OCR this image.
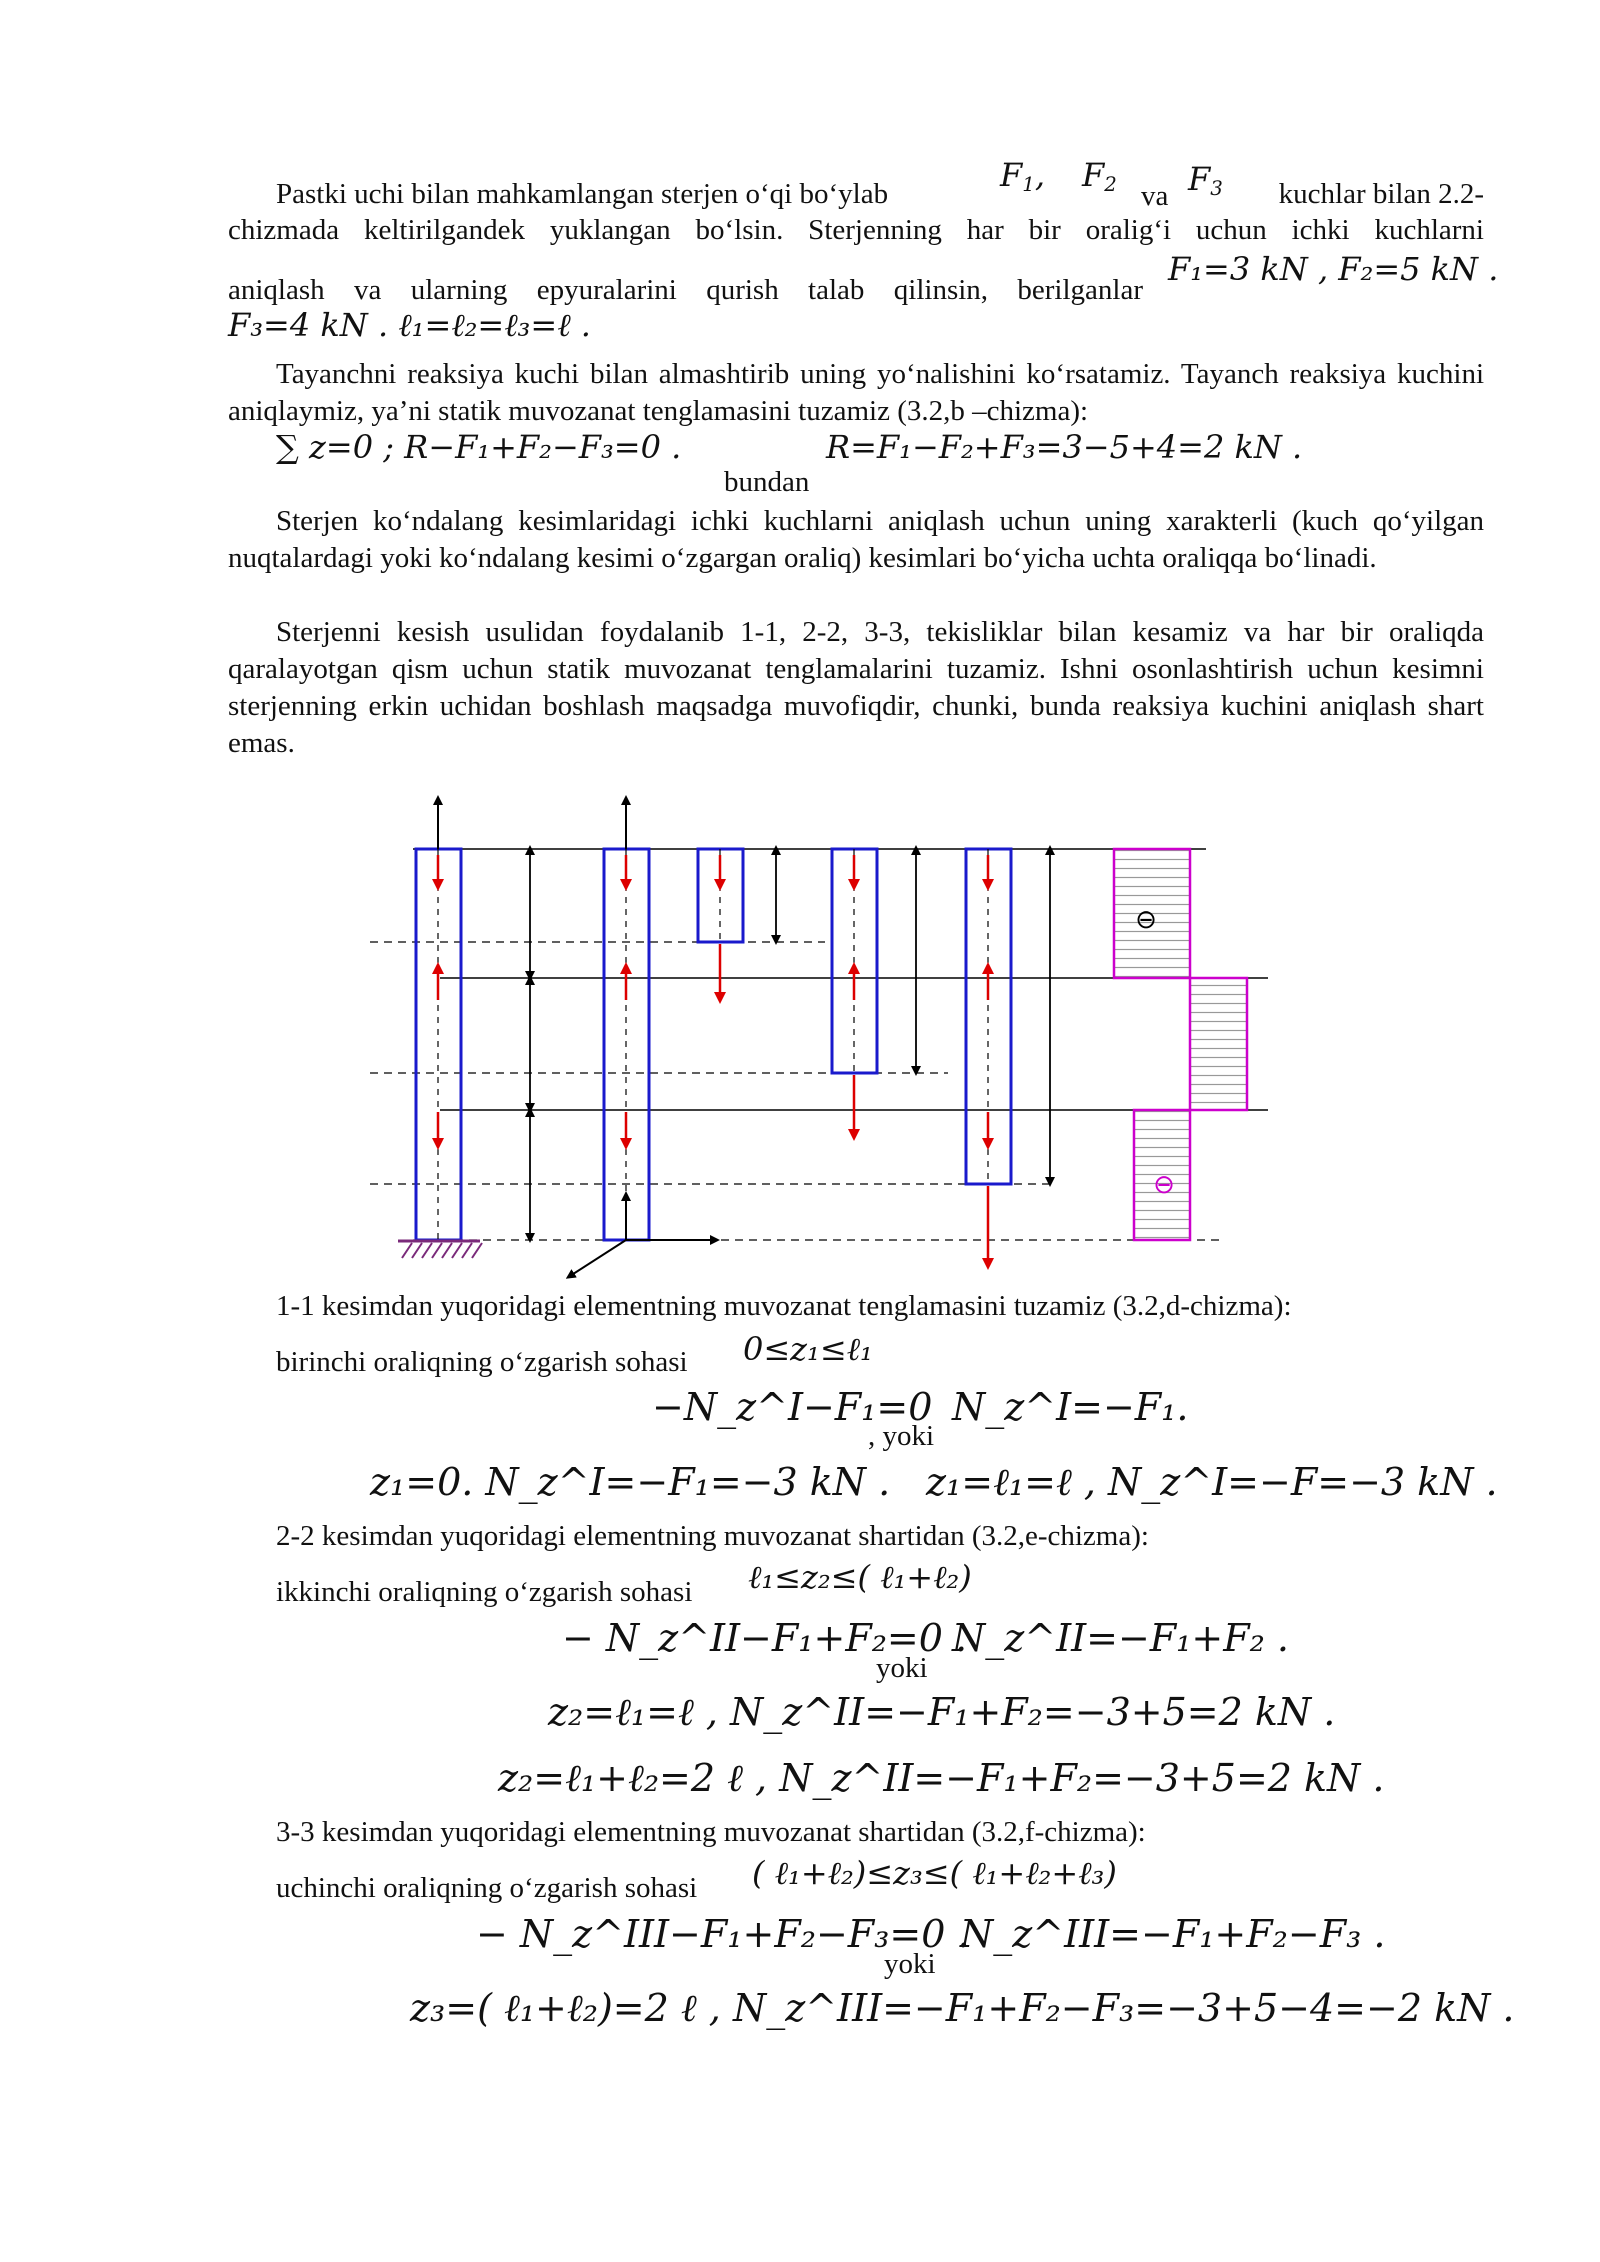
Pastki uchi bilan mahkamlangan sterjen o‘qi bo‘ylab	$F_1$, $F_2$ va $F_3$	kuchlar bilan 2.2-
chizmada keltirilgandek yuklangan bo‘lsin. Sterjenning har bir oralig‘i uchun ichki kuchlarni
aniqlash va ularning epyuralarini qurish talab qilinsin, berilganlar
F₁=3 kN , F₂=5 kN .
F₃=4 kN . ℓ₁=ℓ₂=ℓ₃=ℓ .
Tayanchni reaksiya kuchi bilan almashtirib uning yo‘nalishini ko‘rsatamiz. Tayanch reaksiya kuchini aniqlaymiz, ya’ni statik muvozanat tenglamasini tuzamiz (3.2,b –chizma):
∑ z=0 ; R−F₁+F₂−F₃=0 .
bundan
R=F₁−F₂+F₃=3−5+4=2 kN .
Sterjen ko‘ndalang kesimlaridagi ichki kuchlarni aniqlash uchun uning xarakterli (kuch qo‘yilgan nuqtalardagi yoki ko‘ndalang kesimi o‘zgargan oraliq) kesimlari bo‘yicha uchta oraliqqa bo‘linadi.
Sterjenni kesish usulidan foydalanib 1-1, 2-2, 3-3, tekisliklar bilan kesamiz va har bir oraliqda qaralayotgan qism uchun statik muvozanat tenglamalarini tuzamiz. Ishni osonlashtirish uchun kesimni sterjenning erkin uchidan boshlash maqsadga muvofiqdir, chunki, bunda reaksiya kuchini aniqlash shart emas.
⊖
⊖
1-1 kesimdan yuqoridagi elementning muvozanat tenglamasini tuzamiz (3.2,d-chizma):
birinchi oraliqning o‘zgarish sohasi 0≤z₁≤ℓ₁
−N_z^I−F₁=0
, yoki
N_z^I=−F₁.
z₁=0. N_z^I=−F₁=−3 kN . z₁=ℓ₁=ℓ , N_z^I=−F=−3 kN .
2-2 kesimdan yuqoridagi elementning muvozanat shartidan (3.2,e-chizma):
ikkinchi oraliqning o‘zgarish sohasi ℓ₁≤z₂≤( ℓ₁+ℓ₂)
− N_z^II−F₁+F₂=0 .
yoki
N_z^II=−F₁+F₂ .
z₂=ℓ₁=ℓ , N_z^II=−F₁+F₂=−3+5=2 kN .
z₂=ℓ₁+ℓ₂=2 ℓ , N_z^II=−F₁+F₂=−3+5=2 kN .
3-3 kesimdan yuqoridagi elementning muvozanat shartidan (3.2,f-chizma):
uchinchi oraliqning o‘zgarish sohasi ( ℓ₁+ℓ₂)≤z₃≤( ℓ₁+ℓ₂+ℓ₃)
− N_z^III−F₁+F₂−F₃=0 .
yoki
N_z^III=−F₁+F₂−F₃ .
z₃=( ℓ₁+ℓ₂)=2 ℓ , N_z^III=−F₁+F₂−F₃=−3+5−4=−2 kN .
